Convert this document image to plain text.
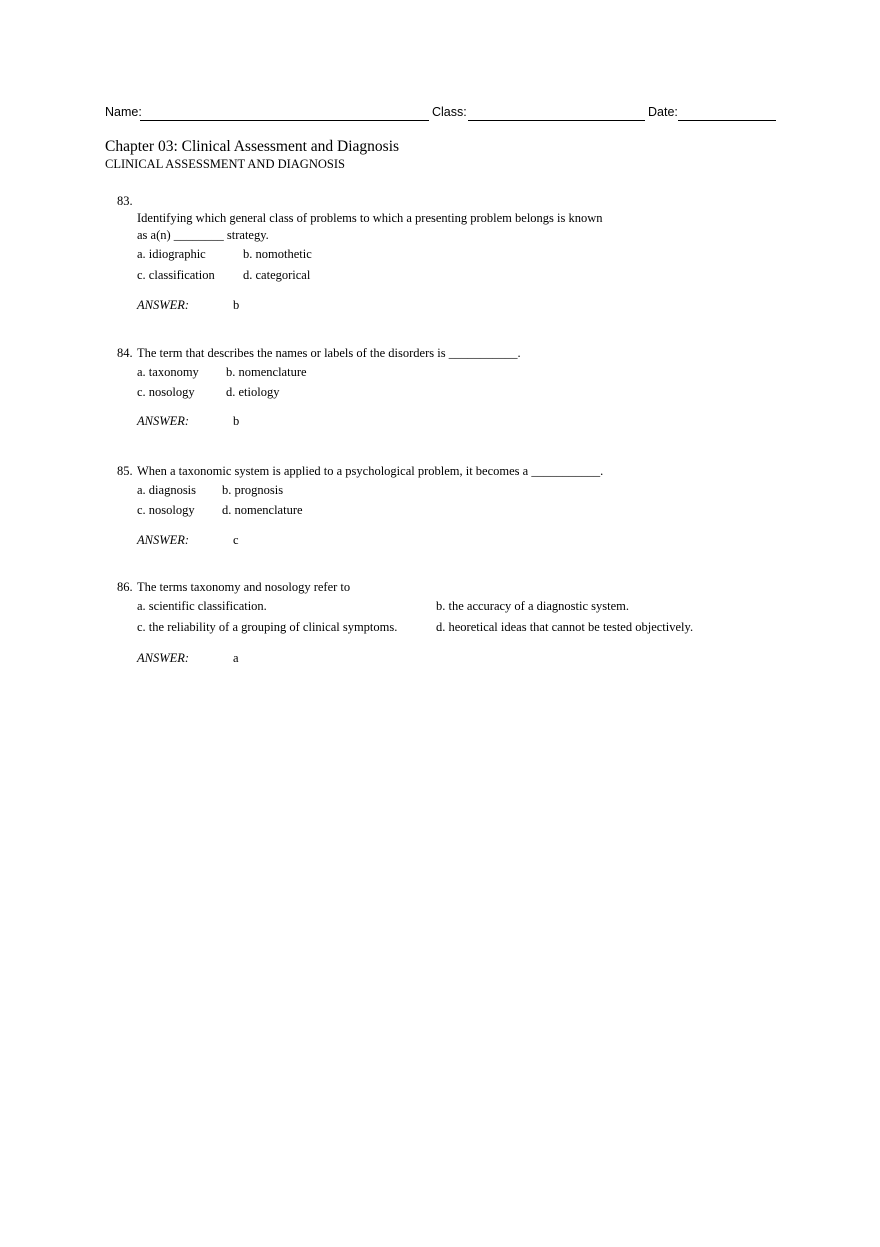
Name:	Class:	Date:
Chapter 03: Clinical Assessment and Diagnosis
CLINICAL ASSESSMENT AND DIAGNOSIS
83.
Identifying which general class of problems to which a presenting problem belongs is known
as a(n) ________ strategy.
a. idiographic	b. nomothetic
c. classification d. categorical
ANSWER:	b
84. The term that describes the names or labels of the disorders is ___________.
a. taxonomy b. nomenclature
c. nosology	d. etiology
ANSWER:	b
85. When a taxonomic system is applied to a psychological problem, it becomes a ___________.
a. diagnosis b. prognosis
c. nosology d. nomenclature
ANSWER:	c
86. The terms taxonomy and nosology refer to
a. scientific classification.	b. the accuracy of a diagnostic system.
c. the reliability of a grouping of clinical symptoms.	d. heoretical ideas that cannot be tested objectively.
ANSWER:	a
